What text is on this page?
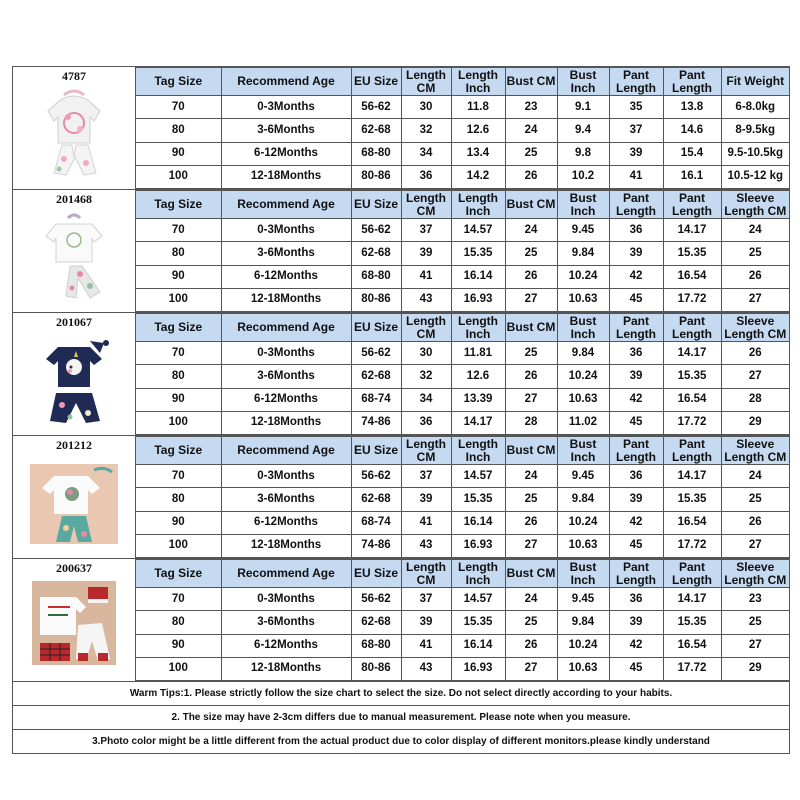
4787	Tag Size	Recommend Age	EU Size	Length CM	Length Inch	Bust CM	Bust Inch	Pant Length	Pant Length	Fit Weight
70	0-3Months	56-62	30	11.8	23	9.1	35	13.8	6-8.0kg
80	3-6Months	62-68	32	12.6	24	9.4	37	14.6	8-9.5kg
90	6-12Months	68-80	34	13.4	25	9.8	39	15.4	9.5-10.5kg
100	12-18Months	80-86	36	14.2	26	10.2	41	16.1	10.5-12 kg
201468	Tag Size	Recommend Age	EU Size	Length CM	Length Inch	Bust CM	Bust Inch	Pant Length	Pant Length	Sleeve Length CM
70	0-3Months	56-62	37	14.57	24	9.45	36	14.17	24
80	3-6Months	62-68	39	15.35	25	9.84	39	15.35	25
90	6-12Months	68-80	41	16.14	26	10.24	42	16.54	26
100	12-18Months	80-86	43	16.93	27	10.63	45	17.72	27
201067	Tag Size	Recommend Age	EU Size	Length CM	Length Inch	Bust CM	Bust Inch	Pant Length	Pant Length	Sleeve Length CM
70	0-3Months	56-62	30	11.81	25	9.84	36	14.17	26
80	3-6Months	62-68	32	12.6	26	10.24	39	15.35	27
90	6-12Months	68-74	34	13.39	27	10.63	42	16.54	28
100	12-18Months	74-86	36	14.17	28	11.02	45	17.72	29
201212	Tag Size	Recommend Age	EU Size	Length CM	Length Inch	Bust CM	Bust Inch	Pant Length	Pant Length	Sleeve Length CM
70	0-3Months	56-62	37	14.57	24	9.45	36	14.17	24
80	3-6Months	62-68	39	15.35	25	9.84	39	15.35	25
90	6-12Months	68-74	41	16.14	26	10.24	42	16.54	26
100	12-18Months	74-86	43	16.93	27	10.63	45	17.72	27
200637	Tag Size	Recommend Age	EU Size	Length CM	Length Inch	Bust CM	Bust Inch	Pant Length	Pant Length	Sleeve Length CM
70	0-3Months	56-62	37	14.57	24	9.45	36	14.17	23
80	3-6Months	62-68	39	15.35	25	9.84	39	15.35	25
90	6-12Months	68-80	41	16.14	26	10.24	42	16.54	27
100	12-18Months	80-86	43	16.93	27	10.63	45	17.72	29
Warm Tips:1. Please strictly follow the size chart to select the size. Do not select directly according to your habits.
2. The size may have 2-3cm differs due to manual measurement. Please note when you measure.
3.Photo color might be a little different from the actual product due to color display of different monitors.please kindly understand
